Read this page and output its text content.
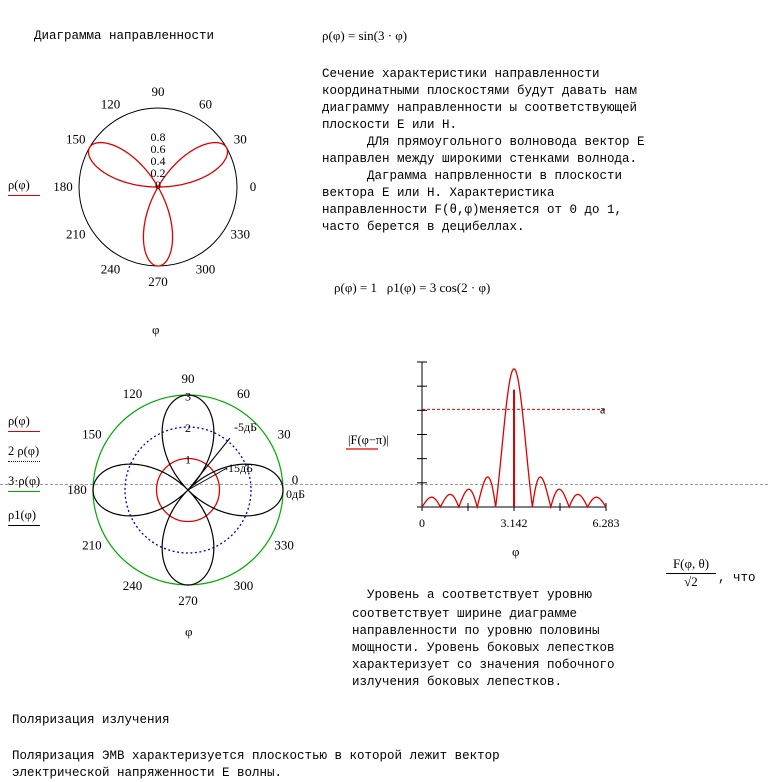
Диаграмма направленности	ρ(φ) = sin(3 · φ)
Сечение характеристики направленности
координатными плоскостями будут давать нам
диаграмму направленности ы соответствующей
плоскости E или H.
ДЛя прямоугольного волновода вектор E
направлен между широкими стенками волнода.
Дагрaмма напрвленности в плоскости
вектора E или H. Характеристика
направленности F(θ,φ)меняется от 0 до 1,
часто берется в децибеллах.
ρ(φ) = 1   ρ1(φ) = 3 cos(2 · φ)
ρ(φ)
90
60
30
0
330
300
270
240
210
180
150
120
0.8
0.6
0.4
0.2
0
φ
90
60
30
330
300
270
240
210
180
150
120
0
3
2
1
-5дБ
-15дБ
0дБ
ρ(φ)
2 ρ(φ)
3·ρ(φ)
ρ1(φ)
φ
a
0	3.142	6.283
|F(φ−π)|
φ

Уровень а соответствует уровню

$\frac{F(\varphi, \theta)}{√2}$ , что
соответствует ширине диаграмме
направленности по уровню половины
мощности. Уровень боковых лепестков
характеризует со значения побочного
излучения боковых лепестков.
Поляризация излучения
Поляризация ЭМВ характеризуется плоскостью в которой лежит вектор
электрической напряженности E волны.
